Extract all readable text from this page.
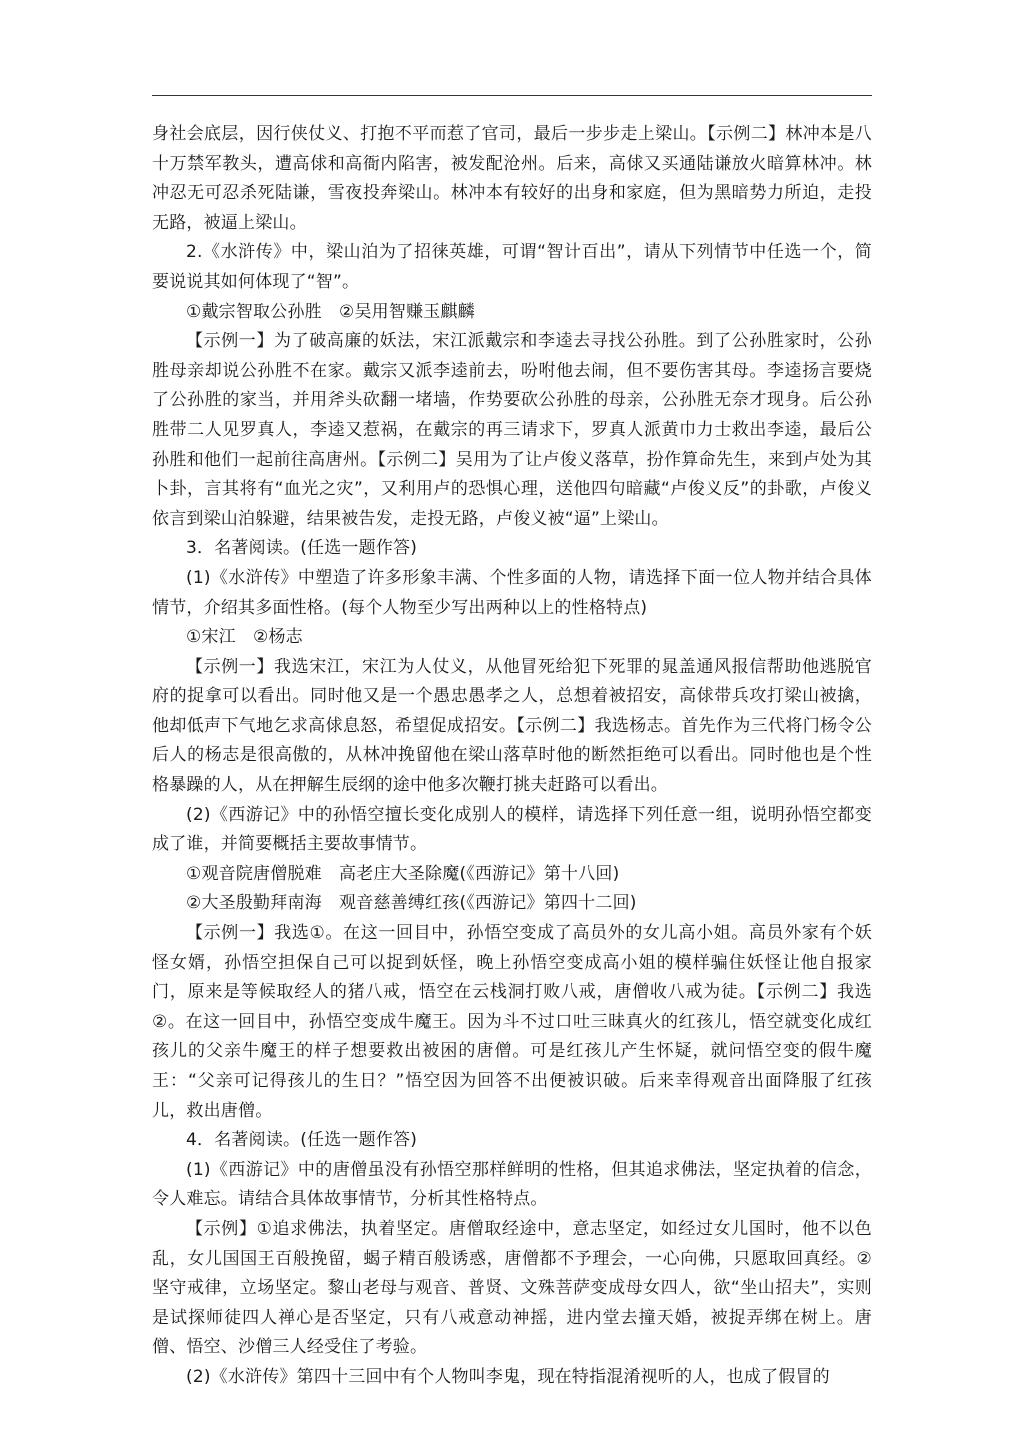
身社会底层，因行侠仗义、打抱不平而惹了官司，最后一步步走上梁山。【示例二】林冲本是八十万禁军教头，遭高俅和高衙内陷害，被发配沧州。后来，高俅又买通陆谦放火暗算林冲。林冲忍无可忍杀死陆谦，雪夜投奔梁山。林冲本有较好的出身和家庭，但为黑暗势力所迫，走投无路，被逼上梁山。

2.《水浒传》中，梁山泊为了招徕英雄，可谓“智计百出”，请从下列情节中任选一个，简要说说其如何体现了“智”。

①戴宗智取公孙胜　②吴用智赚玉麒麟

【示例一】为了破高廉的妖法，宋江派戴宗和李逵去寻找公孙胜。到了公孙胜家时，公孙胜母亲却说公孙胜不在家。戴宗又派李逵前去，吩咐他去闹，但不要伤害其母。李逵扬言要烧了公孙胜的家当，并用斧头砍翻一堵墙，作势要砍公孙胜的母亲，公孙胜无奈才现身。后公孙胜带二人见罗真人，李逵又惹祸，在戴宗的再三请求下，罗真人派黄巾力士救出李逵，最后公孙胜和他们一起前往高唐州。【示例二】吴用为了让卢俊义落草，扮作算命先生，来到卢处为其卜卦，言其将有“血光之灾”，又利用卢的恐惧心理，送他四句暗藏“卢俊义反”的卦歌，卢俊义依言到梁山泊躲避，结果被告发，走投无路，卢俊义被“逼”上梁山。

3．名著阅读。(任选一题作答)

(1)《水浒传》中塑造了许多形象丰满、个性多面的人物，请选择下面一位人物并结合具体情节，介绍其多面性格。(每个人物至少写出两种以上的性格特点)

①宋江　②杨志

【示例一】我选宋江，宋江为人仗义，从他冒死给犯下死罪的晁盖通风报信帮助他逃脱官府的捉拿可以看出。同时他又是一个愚忠愚孝之人，总想着被招安，高俅带兵攻打梁山被擒，他却低声下气地乞求高俅息怒，希望促成招安。【示例二】我选杨志。首先作为三代将门杨令公后人的杨志是很高傲的，从林冲挽留他在梁山落草时他的断然拒绝可以看出。同时他也是个性格暴躁的人，从在押解生辰纲的途中他多次鞭打挑夫赶路可以看出。

(2)《西游记》中的孙悟空擅长变化成别人的模样，请选择下列任意一组，说明孙悟空都变成了谁，并简要概括主要故事情节。

①观音院唐僧脱难　高老庄大圣除魔(《西游记》第十八回)

②大圣殷勤拜南海　观音慈善缚红孩(《西游记》第四十二回)

【示例一】我选①。在这一回目中，孙悟空变成了高员外的女儿高小姐。高员外家有个妖怪女婿，孙悟空担保自己可以捉到妖怪，晚上孙悟空变成高小姐的模样骗住妖怪让他自报家门，原来是等候取经人的猪八戒，悟空在云栈洞打败八戒，唐僧收八戒为徒。【示例二】我选②。在这一回目中，孙悟空变成牛魔王。因为斗不过口吐三昧真火的红孩儿，悟空就变化成红孩儿的父亲牛魔王的样子想要救出被困的唐僧。可是红孩儿产生怀疑，就问悟空变的假牛魔王：“父亲可记得孩儿的生日？”悟空因为回答不出便被识破。后来幸得观音出面降服了红孩儿，救出唐僧。

4．名著阅读。(任选一题作答)

(1)《西游记》中的唐僧虽没有孙悟空那样鲜明的性格，但其追求佛法，坚定执着的信念，令人难忘。请结合具体故事情节，分析其性格特点。

【示例】①追求佛法，执着坚定。唐僧取经途中，意志坚定，如经过女儿国时，他不以色乱，女儿国国王百般挽留，蝎子精百般诱惑，唐僧都不予理会，一心向佛，只愿取回真经。②坚守戒律，立场坚定。黎山老母与观音、普贤、文殊菩萨变成母女四人，欲“坐山招夫”，实则是试探师徒四人禅心是否坚定，只有八戒意动神摇，进内堂去撞天婚，被捉弄绑在树上。唐僧、悟空、沙僧三人经受住了考验。

(2)《水浒传》第四十三回中有个人物叫李鬼，现在特指混淆视听的人，也成了假冒的
